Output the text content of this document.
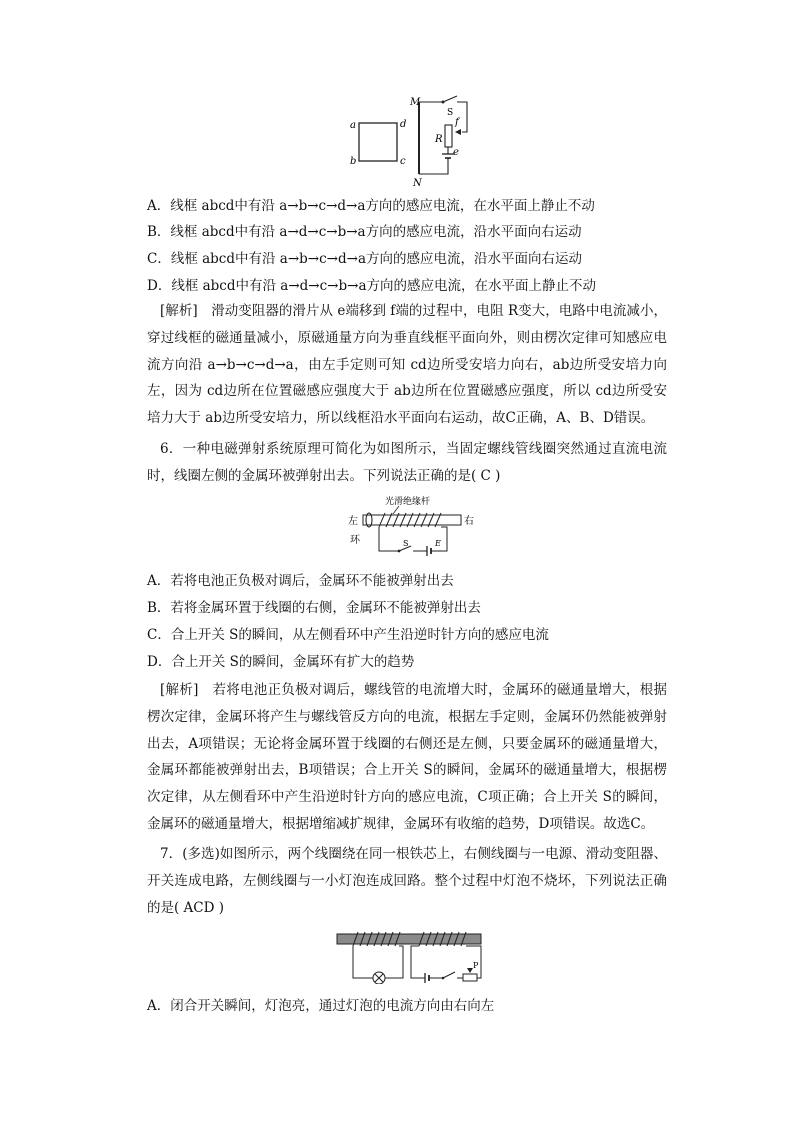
a
b	c
d
M
N
S
R
f
e
A．线框 abcd中有沿 a→b→c→d→a方向的感应电流，在水平面上静止不动
B．线框 abcd中有沿 a→d→c→b→a方向的感应电流，沿水平面向右运动
C．线框 abcd中有沿 a→b→c→d→a方向的感应电流，沿水平面向右运动
D．线框 abcd中有沿 a→d→c→b→a方向的感应电流，在水平面上静止不动
[解析]　滑动变阻器的滑片从 e端移到 f端的过程中，电阻 R变大，电路中电流减小，穿过线框的磁通量减小，原磁通量方向为垂直线框平面向外，则由楞次定律可知感应电流方向沿 a→b→c→d→a，由左手定则可知 cd边所受安培力向右，ab边所受安培力向左，因为 cd边所在位置磁感应强度大于 ab边所在位置磁感应强度，所以 cd边所受安培力大于 ab边所受安培力，所以线框沿水平面向右运动，故C正确，A、B、D错误。
6．一种电磁弹射系统原理可简化为如图所示，当固定螺线管线圈突然通过直流电流时，线圈左侧的金属环被弹射出去。下列说法正确的是( C )
光滑绝缘杆
左	右
环	S	E
A．若将电池正负极对调后，金属环不能被弹射出去
B．若将金属环置于线圈的右侧，金属环不能被弹射出去
C．合上开关 S的瞬间，从左侧看环中产生沿逆时针方向的感应电流
D．合上开关 S的瞬间，金属环有扩大的趋势
[解析]　若将电池正负极对调后，螺线管的电流增大时，金属环的磁通量增大，根据楞次定律，金属环将产生与螺线管反方向的电流，根据左手定则，金属环仍然能被弹射出去，A项错误；无论将金属环置于线圈的右侧还是左侧，只要金属环的磁通量增大，金属环都能被弹射出去，B项错误；合上开关 S的瞬间，金属环的磁通量增大，根据楞次定律，从左侧看环中产生沿逆时针方向的感应电流，C项正确；合上开关 S的瞬间，金属环的磁通量增大，根据增缩减扩规律，金属环有收缩的趋势，D项错误。故选C。
7．(多选)如图所示，两个线圈绕在同一根铁芯上，右侧线圈与一电源、滑动变阻器、开关连成电路，左侧线圈与一小灯泡连成回路。整个过程中灯泡不烧坏，下列说法正确的是( ACD )
P
A．闭合开关瞬间，灯泡亮，通过灯泡的电流方向由右向左
